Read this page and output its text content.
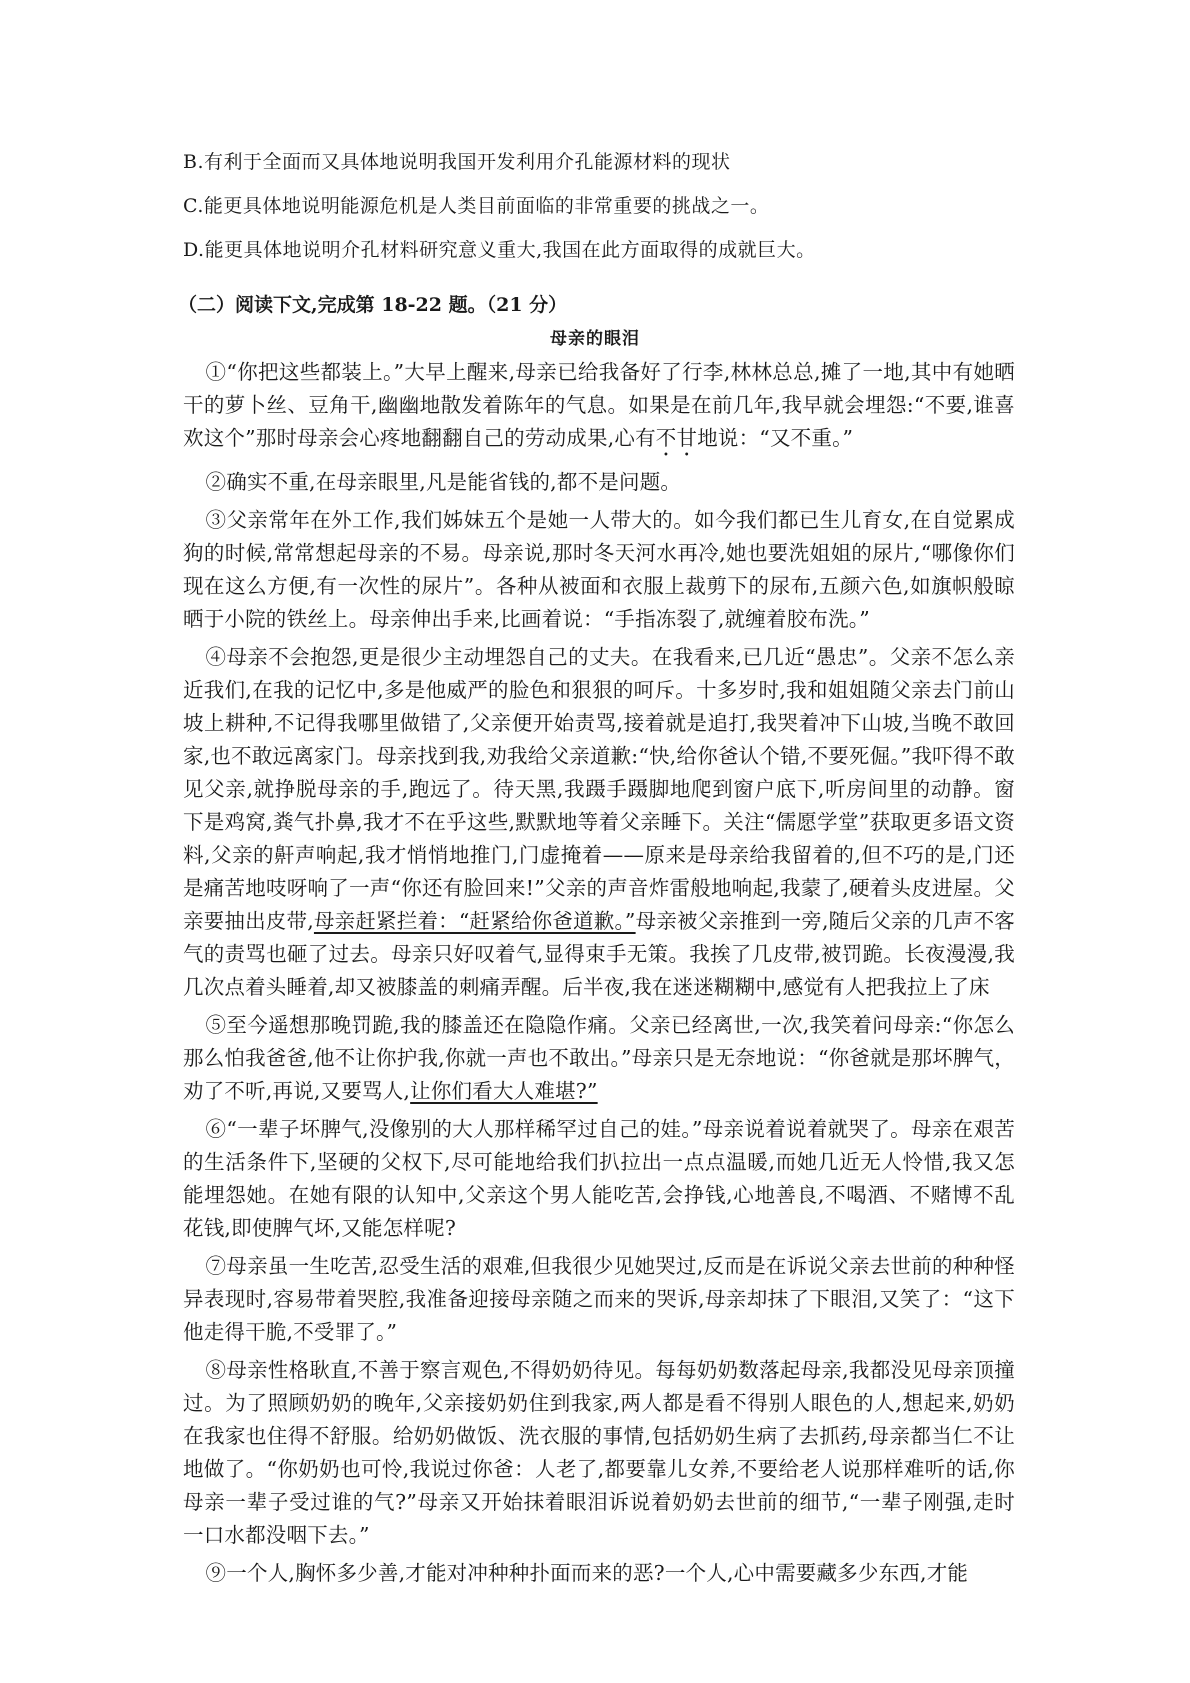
B.有利于全面而又具体地说明我国开发利用介孔能源材料的现状
C.能更具体地说明能源危机是人类目前面临的非常重要的挑战之一。
D.能更具体地说明介孔材料研究意义重大,我国在此方面取得的成就巨大。
（二）阅读下文,完成第 18-22 题。（21 分）
母亲的眼泪

①“你把这些都装上。”大早上醒来,母亲已给我备好了行李,林林总总,摊了一地,其中有她晒干的萝卜丝、豆角干,幽幽地散发着陈年的气息。如果是在前几年,我早就会埋怨:“不要,谁喜欢这个”那时母亲会心疼地翻翻自己的劳动成果,心有不甘地说：“又不重。”

②确实不重,在母亲眼里,凡是能省钱的,都不是问题。

③父亲常年在外工作,我们姊妹五个是她一人带大的。如今我们都已生儿育女,在自觉累成狗的时候,常常想起母亲的不易。母亲说,那时冬天河水再冷,她也要洗姐姐的尿片,“哪像你们现在这么方便,有一次性的尿片”。各种从被面和衣服上裁剪下的尿布,五颜六色,如旗帜般晾晒于小院的铁丝上。母亲伸出手来,比画着说：“手指冻裂了,就缠着胶布洗。”

④母亲不会抱怨,更是很少主动埋怨自己的丈夫。在我看来,已几近“愚忠”。父亲不怎么亲近我们,在我的记忆中,多是他威严的脸色和狠狠的呵斥。十多岁时,我和姐姐随父亲去门前山坡上耕种,不记得我哪里做错了,父亲便开始责骂,接着就是追打,我哭着冲下山坡,当晚不敢回家,也不敢远离家门。母亲找到我,劝我给父亲道歉:“快,给你爸认个错,不要死倔。”我吓得不敢见父亲,就挣脱母亲的手,跑远了。待天黑,我蹑手蹑脚地爬到窗户底下,听房间里的动静。窗下是鸡窝,粪气扑鼻,我才不在乎这些,默默地等着父亲睡下。关注“儒愿学堂”获取更多语文资料,父亲的鼾声响起,我才悄悄地推门,门虚掩着——原来是母亲给我留着的,但不巧的是,门还是痛苦地吱呀响了一声“你还有脸回来!”父亲的声音炸雷般地响起,我蒙了,硬着头皮进屋。父亲要抽出皮带,母亲赶紧拦着：“赶紧给你爸道歉。”母亲被父亲推到一旁,随后父亲的几声不客气的责骂也砸了过去。母亲只好叹着气,显得束手无策。我挨了几皮带,被罚跪。长夜漫漫,我几次点着头睡着,却又被膝盖的刺痛弄醒。后半夜,我在迷迷糊糊中,感觉有人把我拉上了床

⑤至今遥想那晚罚跪,我的膝盖还在隐隐作痛。父亲已经离世,一次,我笑着问母亲:“你怎么那么怕我爸爸,他不让你护我,你就一声也不敢出。”母亲只是无奈地说：“你爸就是那坏脾气，劝了不听,再说,又要骂人,让你们看大人难堪?”

⑥“一辈子坏脾气,没像别的大人那样稀罕过自己的娃。”母亲说着说着就哭了。母亲在艰苦的生活条件下,坚硬的父权下,尽可能地给我们扒拉出一点点温暖,而她几近无人怜惜,我又怎能埋怨她。在她有限的认知中,父亲这个男人能吃苦,会挣钱,心地善良,不喝酒、不赌博不乱花钱,即使脾气坏,又能怎样呢?

⑦母亲虽一生吃苦,忍受生活的艰难,但我很少见她哭过,反而是在诉说父亲去世前的种种怪异表现时,容易带着哭腔,我准备迎接母亲随之而来的哭诉,母亲却抹了下眼泪,又笑了：“这下他走得干脆,不受罪了。”

⑧母亲性格耿直,不善于察言观色,不得奶奶待见。每每奶奶数落起母亲,我都没见母亲顶撞过。为了照顾奶奶的晚年,父亲接奶奶住到我家,两人都是看不得别人眼色的人,想起来,奶奶在我家也住得不舒服。给奶奶做饭、洗衣服的事情,包括奶奶生病了去抓药,母亲都当仁不让地做了。“你奶奶也可怜,我说过你爸：人老了,都要靠儿女养,不要给老人说那样难听的话,你母亲一辈子受过谁的气?”母亲又开始抹着眼泪诉说着奶奶去世前的细节,“一辈子刚强,走时一口水都没咽下去。”

⑨一个人,胸怀多少善,才能对冲种种扑面而来的恶?一个人,心中需要藏多少东西,才能
